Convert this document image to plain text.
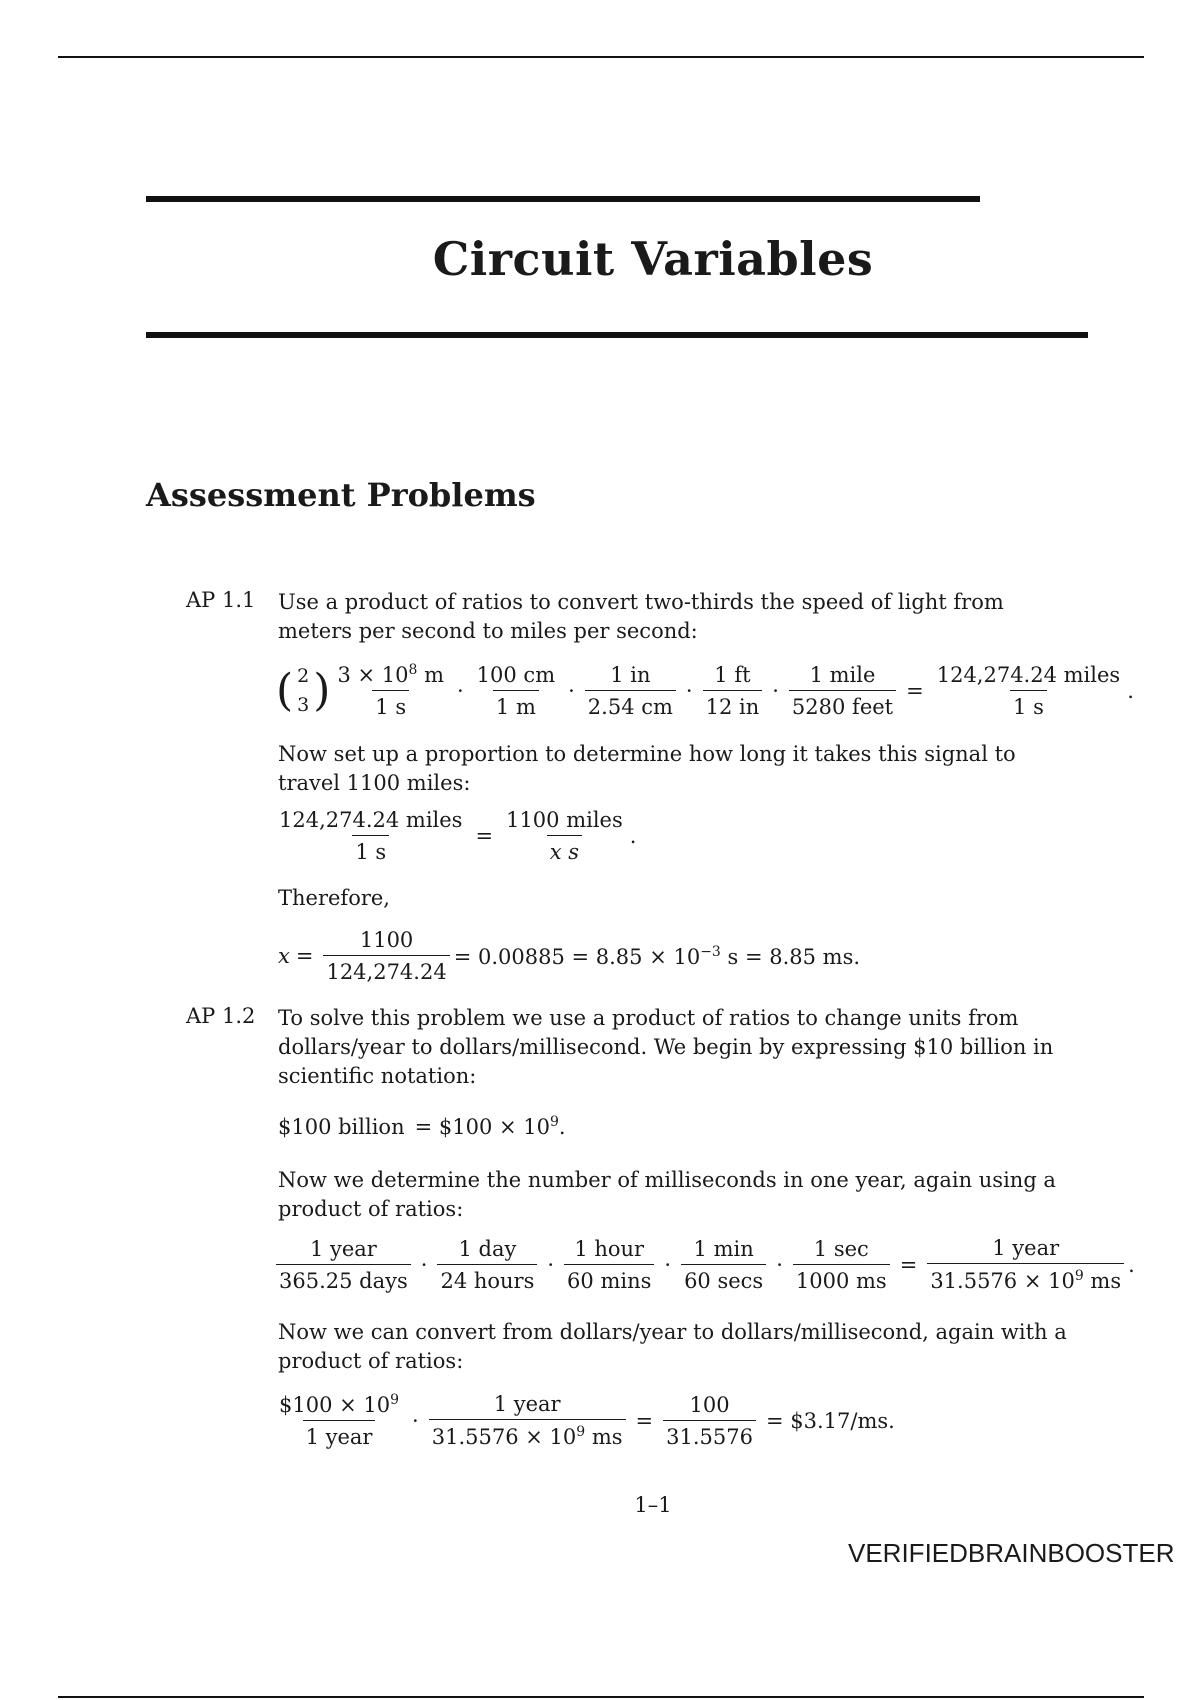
Circuit Variables
Assessment Problems
AP 1.1 Use a product of ratios to convert two-thirds the speed of light from meters per second to miles per second:
( 2
3 ) $\frac{3 \times 10^8 m}{1 s} \cdot \frac{100 cm}{1 m} \cdot \frac{1 in}{2.54 cm} \cdot \frac{1 ft}{12 in} \cdot \frac{\text{1 mile}}{\text{5280 feet}} = \frac{\text{124,274.24 miles}}{1 s}$ .
Now set up a proportion to determine how long it takes this signal to travel 1100 miles:
$\frac{\text{124,274.24 miles}}{1 s} = \frac{\text{1100 miles}}{\text{x s}}$ .
Therefore,
$x = \frac{1100}{124,274.24} = 0.00885 = 8.85 \times 10^{-3}$ s = 8.85 ms.
AP 1.2 To solve this problem we use a product of ratios to change units from dollars/year to dollars/millisecond. We begin by expressing $10 billion in scientific notation:
$100 billion = $100 × $10^9$.
Now we determine the number of milliseconds in one year, again using a product of ratios:
$\frac{\text{1 year}}{\text{365.25 days}} \cdot \frac{\text{1 day}}{\text{24 hours}} \cdot \frac{\text{1 hour}}{60 \min s} \cdot \frac{1 \min}{60 \sec s} \cdot \frac{1 \sec}{1000 ms} = \frac{\text{1 year}}{31.5576 \times 10^9 ms}$ .
Now we can convert from dollars/year to dollars/millisecond, again with a product of ratios:
$\frac{\$100 \times 10^9}{\text{1 year}} \cdot \frac{\text{1 year}}{31.5576 \times 10^9 ms} = \frac{100}{31.5576}$ = $3.17/ms.
1–1
VERIFIEDBRAINBOOSTER
